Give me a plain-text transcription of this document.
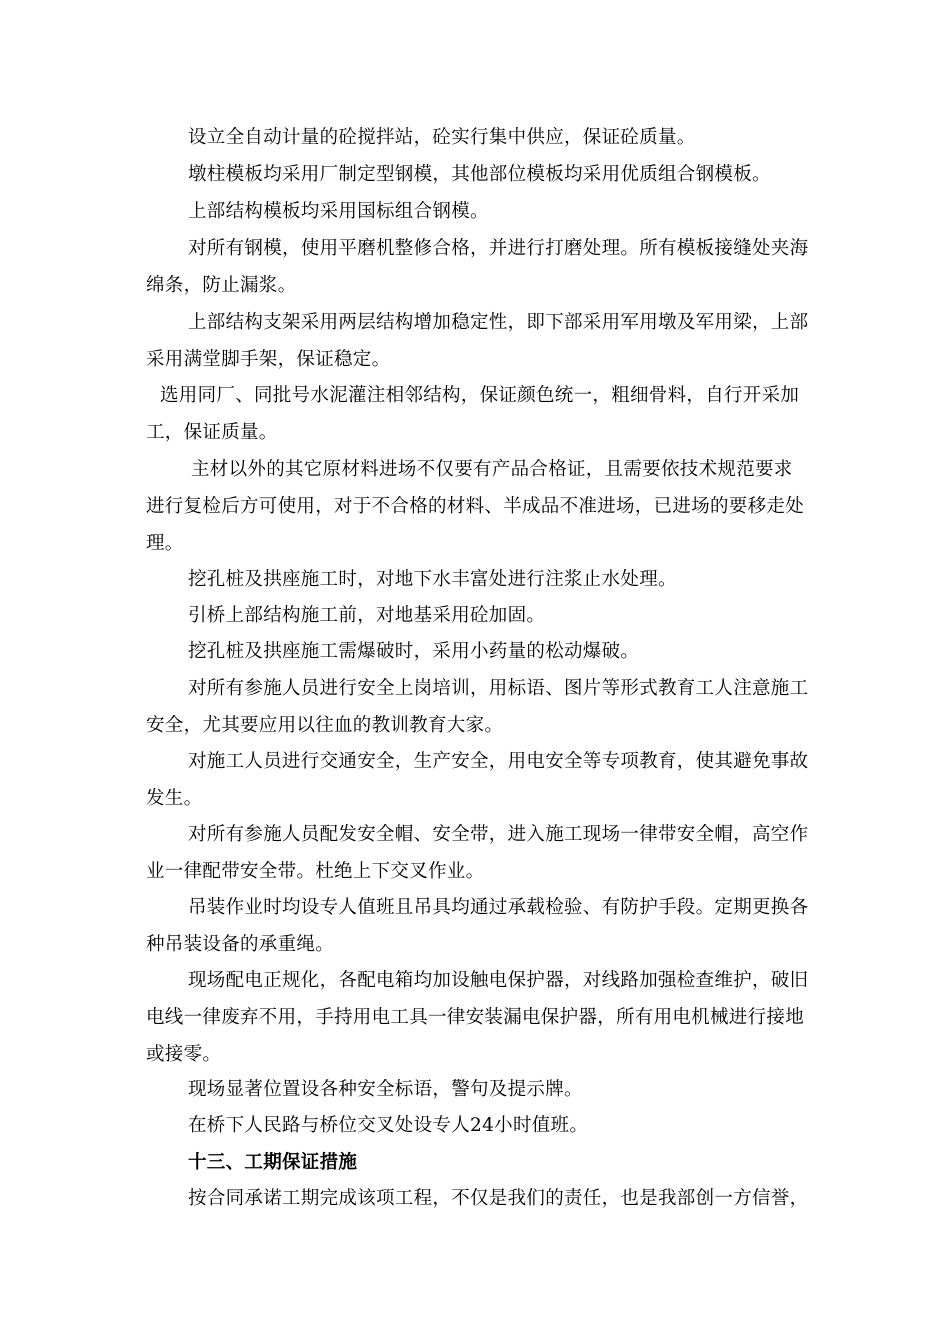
设立全自动计量的砼搅拌站，砼实行集中供应，保证砼质量。

墩柱模板均采用厂制定型钢模，其他部位模板均采用优质组合钢模板。

上部结构模板均采用国标组合钢模。

对所有钢模，使用平磨机整修合格，并进行打磨处理。所有模板接缝处夹海绵条，防止漏浆。

上部结构支架采用两层结构增加稳定性，即下部采用军用墩及军用梁，上部采用满堂脚手架，保证稳定。

选用同厂、同批号水泥灌注相邻结构，保证颜色统一，粗细骨料，自行开采加工，保证质量。

主材以外的其它原材料进场不仅要有产品合格证，且需要依技术规范要求进行复检后方可使用，对于不合格的材料、半成品不准进场，已进场的要移走处理。

挖孔桩及拱座施工时，对地下水丰富处进行注浆止水处理。

引桥上部结构施工前，对地基采用砼加固。

挖孔桩及拱座施工需爆破时，采用小药量的松动爆破。

对所有参施人员进行安全上岗培训，用标语、图片等形式教育工人注意施工安全，尤其要应用以往血的教训教育大家。

对施工人员进行交通安全，生产安全，用电安全等专项教育，使其避免事故发生。

对所有参施人员配发安全帽、安全带，进入施工现场一律带安全帽，高空作业一律配带安全带。杜绝上下交叉作业。

吊装作业时均设专人值班且吊具均通过承载检验、有防护手段。定期更换各种吊装设备的承重绳。

现场配电正规化，各配电箱均加设触电保护器，对线路加强检查维护，破旧电线一律废弃不用，手持用电工具一律安装漏电保护器，所有用电机械进行接地或接零。

现场显著位置设各种安全标语，警句及提示牌。

在桥下人民路与桥位交叉处设专人24小时值班。

十三、工期保证措施

按合同承诺工期完成该项工程，不仅是我们的责任，也是我部创一方信誉，
